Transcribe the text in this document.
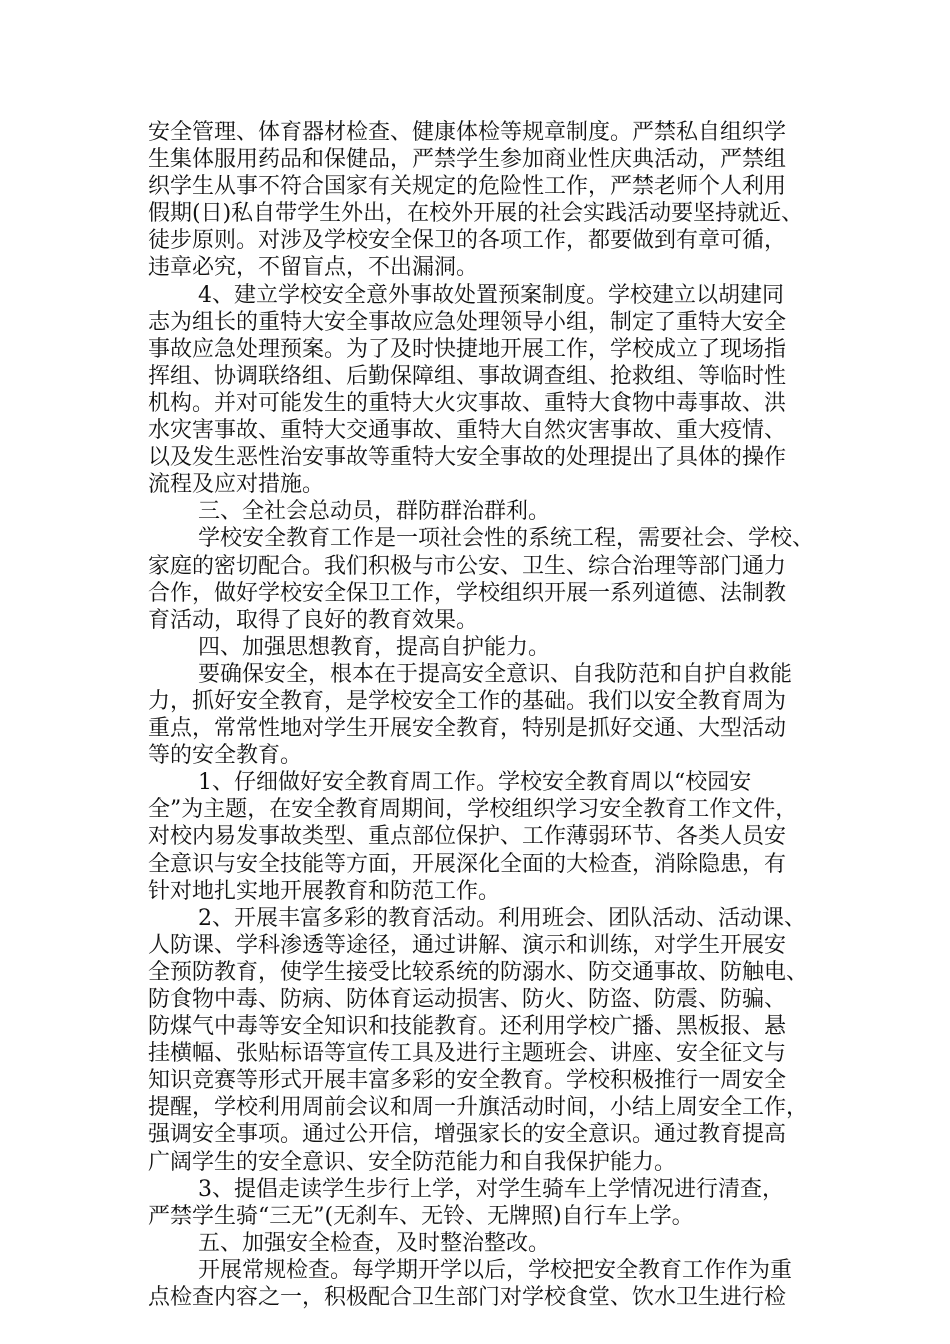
安全管理、体育器材检查、健康体检等规章制度。严禁私自组织学
生集体服用药品和保健品，严禁学生参加商业性庆典活动，严禁组
织学生从事不符合国家有关规定的危险性工作，严禁老师个人利用
假期(日)私自带学生外出，在校外开展的社会实践活动要坚持就近、
徒步原则。对涉及学校安全保卫的各项工作，都要做到有章可循，
违章必究，不留盲点，不出漏洞。
4、建立学校安全意外事故处置预案制度。学校建立以胡建同
志为组长的重特大安全事故应急处理领导小组，制定了重特大安全
事故应急处理预案。为了及时快捷地开展工作，学校成立了现场指
挥组、协调联络组、后勤保障组、事故调查组、抢救组、等临时性
机构。并对可能发生的重特大火灾事故、重特大食物中毒事故、洪
水灾害事故、重特大交通事故、重特大自然灾害事故、重大疫情、
以及发生恶性治安事故等重特大安全事故的处理提出了具体的操作
流程及应对措施。
三、全社会总动员，群防群治群利。
学校安全教育工作是一项社会性的系统工程，需要社会、学校、
家庭的密切配合。我们积极与市公安、卫生、综合治理等部门通力
合作，做好学校安全保卫工作，学校组织开展一系列道德、法制教
育活动，取得了良好的教育效果。
四、加强思想教育，提高自护能力。
要确保安全，根本在于提高安全意识、自我防范和自护自救能
力，抓好安全教育，是学校安全工作的基础。我们以安全教育周为
重点，常常性地对学生开展安全教育，特别是抓好交通、大型活动
等的安全教育。
1、仔细做好安全教育周工作。学校安全教育周以“校园安
全”为主题，在安全教育周期间，学校组织学习安全教育工作文件，
对校内易发事故类型、重点部位保护、工作薄弱环节、各类人员安
全意识与安全技能等方面，开展深化全面的大检查，消除隐患，有
针对地扎实地开展教育和防范工作。
2、开展丰富多彩的教育活动。利用班会、团队活动、活动课、
人防课、学科渗透等途径，通过讲解、演示和训练，对学生开展安
全预防教育，使学生接受比较系统的防溺水、防交通事故、防触电、
防食物中毒、防病、防体育运动损害、防火、防盗、防震、防骗、
防煤气中毒等安全知识和技能教育。还利用学校广播、黑板报、悬
挂横幅、张贴标语等宣传工具及进行主题班会、讲座、安全征文与
知识竞赛等形式开展丰富多彩的安全教育。学校积极推行一周安全
提醒，学校利用周前会议和周一升旗活动时间，小结上周安全工作，
强调安全事项。通过公开信，增强家长的安全意识。通过教育提高
广阔学生的安全意识、安全防范能力和自我保护能力。
3、提倡走读学生步行上学，对学生骑车上学情况进行清查，
严禁学生骑“三无”(无刹车、无铃、无牌照)自行车上学。
五、加强安全检查，及时整治整改。
开展常规检查。每学期开学以后，学校把安全教育工作作为重
点检查内容之一，积极配合卫生部门对学校食堂、饮水卫生进行检
